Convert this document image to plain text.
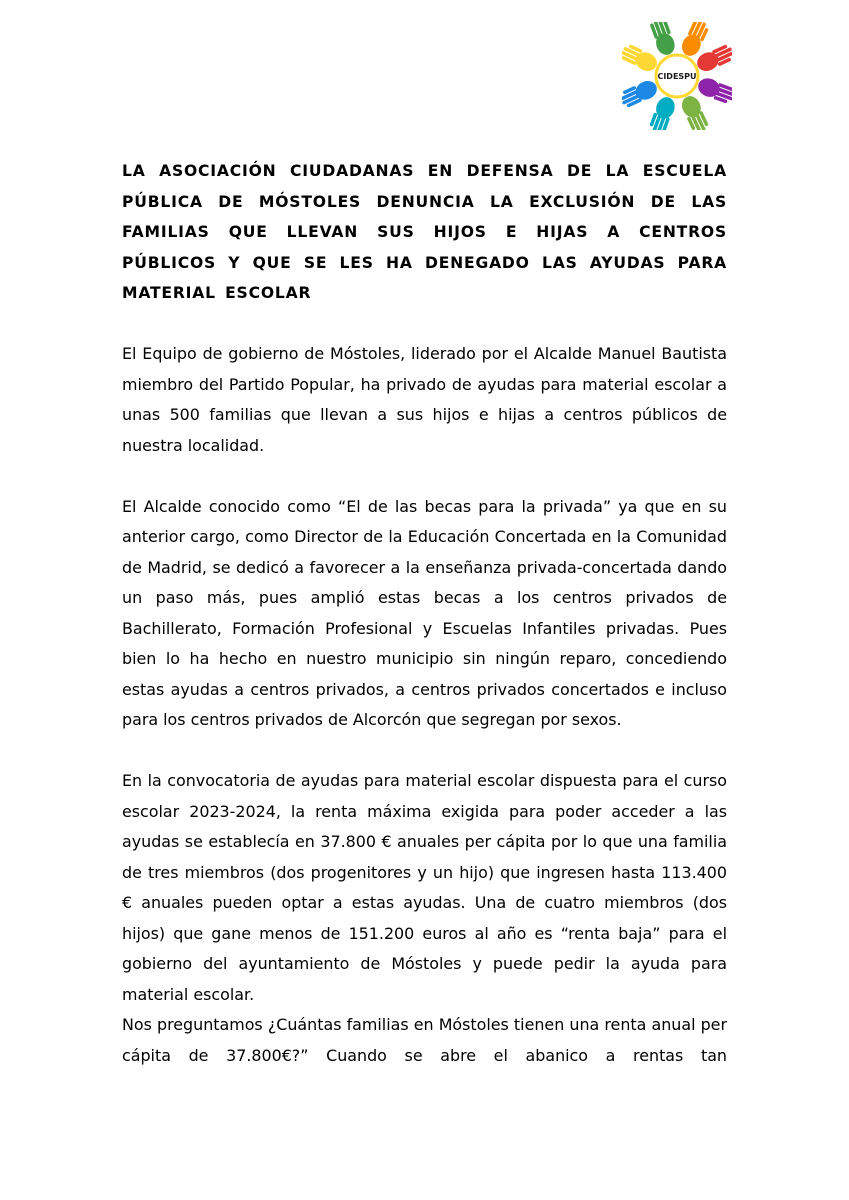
CIDESPU
LA ASOCIACIÓN CIUDADANAS EN DEFENSA DE LA ESCUELA PÚBLICA DE MÓSTOLES DENUNCIA LA EXCLUSIÓN DE LAS FAMILIAS QUE LLEVAN SUS HIJOS E HIJAS A CENTROS PÚBLICOS Y QUE SE LES HA DENEGADO LAS AYUDAS PARA MATERIAL ESCOLAR

El Equipo de gobierno de Móstoles, liderado por el Alcalde Manuel Bautista miembro del Partido Popular, ha privado de ayudas para material escolar a unas 500 familias que llevan a sus hijos e hijas a centros públicos de nuestra localidad.

El Alcalde conocido como “El de las becas para la privada” ya que en su anterior cargo, como Director de la Educación Concertada en la Comunidad de Madrid, se dedicó a favorecer a la enseñanza privada-concertada dando un paso más, pues amplió estas becas a los centros privados de Bachillerato, Formación Profesional y Escuelas Infantiles privadas. Pues bien lo ha hecho en nuestro municipio sin ningún reparo, concediendo estas ayudas a centros privados, a centros privados concertados e incluso para los centros privados de Alcorcón que segregan por sexos.

En la convocatoria de ayudas para material escolar dispuesta para el curso escolar 2023-2024, la renta máxima exigida para poder acceder a las ayudas se establecía en 37.800 € anuales per cápita por lo que una familia de tres miembros (dos progenitores y un hijo) que ingresen hasta 113.400 € anuales pueden optar a estas ayudas. Una de cuatro miembros (dos hijos) que gane menos de 151.200 euros al año es “renta baja” para el gobierno del ayuntamiento de Móstoles y puede pedir la ayuda para material escolar.

Nos preguntamos ¿Cuántas familias en Móstoles tienen una renta anual per cápita de 37.800€?” Cuando se abre el abanico a rentas tan
